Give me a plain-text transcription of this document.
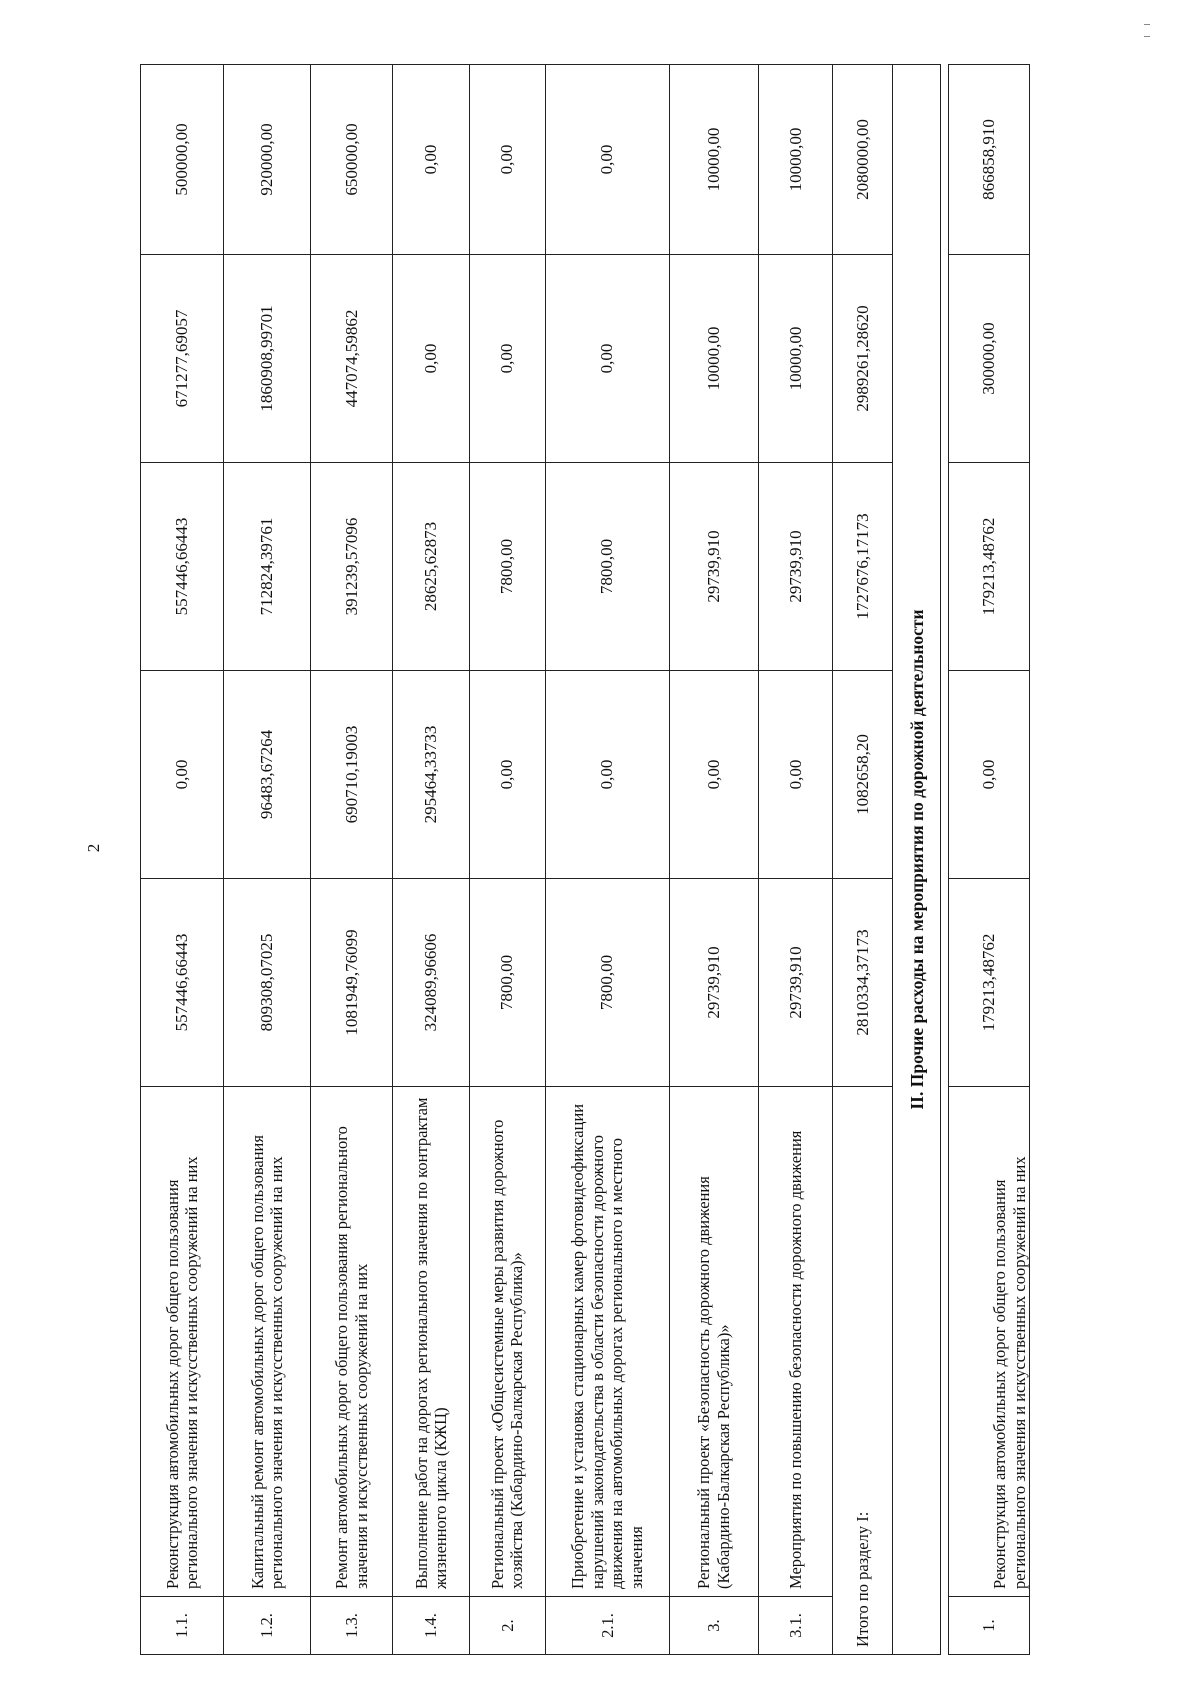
2
1.1.	Реконструкция автомобильных дорог общего пользования регионального значения и искусственных сооружений на них	557446,66443	0,00	557446,66443	671277,69057	500000,00
1.2.	Капитальный ремонт автомобильных дорог общего пользования регионального значения и искусственных сооружений на них	809308,07025	96483,67264	712824,39761	1860908,99701	920000,00
1.3.	Ремонт автомобильных дорог общего пользования регионального значения и искусственных сооружений на них	1081949,76099	690710,19003	391239,57096	447074,59862	650000,00
1.4.	Выполнение работ на дорогах регионального значения по контрактам жизненного цикла (КЖЦ)	324089,96606	295464,33733	28625,62873	0,00	0,00
2.	Региональный проект «Общесистемные меры развития дорожного хозяйства (Кабардино-Балкарская Республика)»	7800,00	0,00	7800,00	0,00	0,00
2.1.	Приобретение и установка стационарных камер фотовидеофиксации нарушений законодательства в области безопасности дорожного движения на автомобильных дорогах регионального и местного значения	7800,00	0,00	7800,00	0,00	0,00
3.	Региональный проект «Безопасность дорожного движения (Кабардино-Балкарская Республика)»	29739,910	0,00	29739,910	10000,00	10000,00
3.1.	Мероприятия по повышению безопасности дорожного движения	29739,910	0,00	29739,910	10000,00	10000,00
Итого по разделу I:		2810334,37173	1082658,20	1727676,17173	2989261,28620	2080000,00
II. Прочие расходы на мероприятия по дорожной деятельности						

1.	Реконструкция автомобильных дорог общего пользования регионального значения и искусственных сооружений на них	179213,48762	0,00	179213,48762	300000,00	866858,910
